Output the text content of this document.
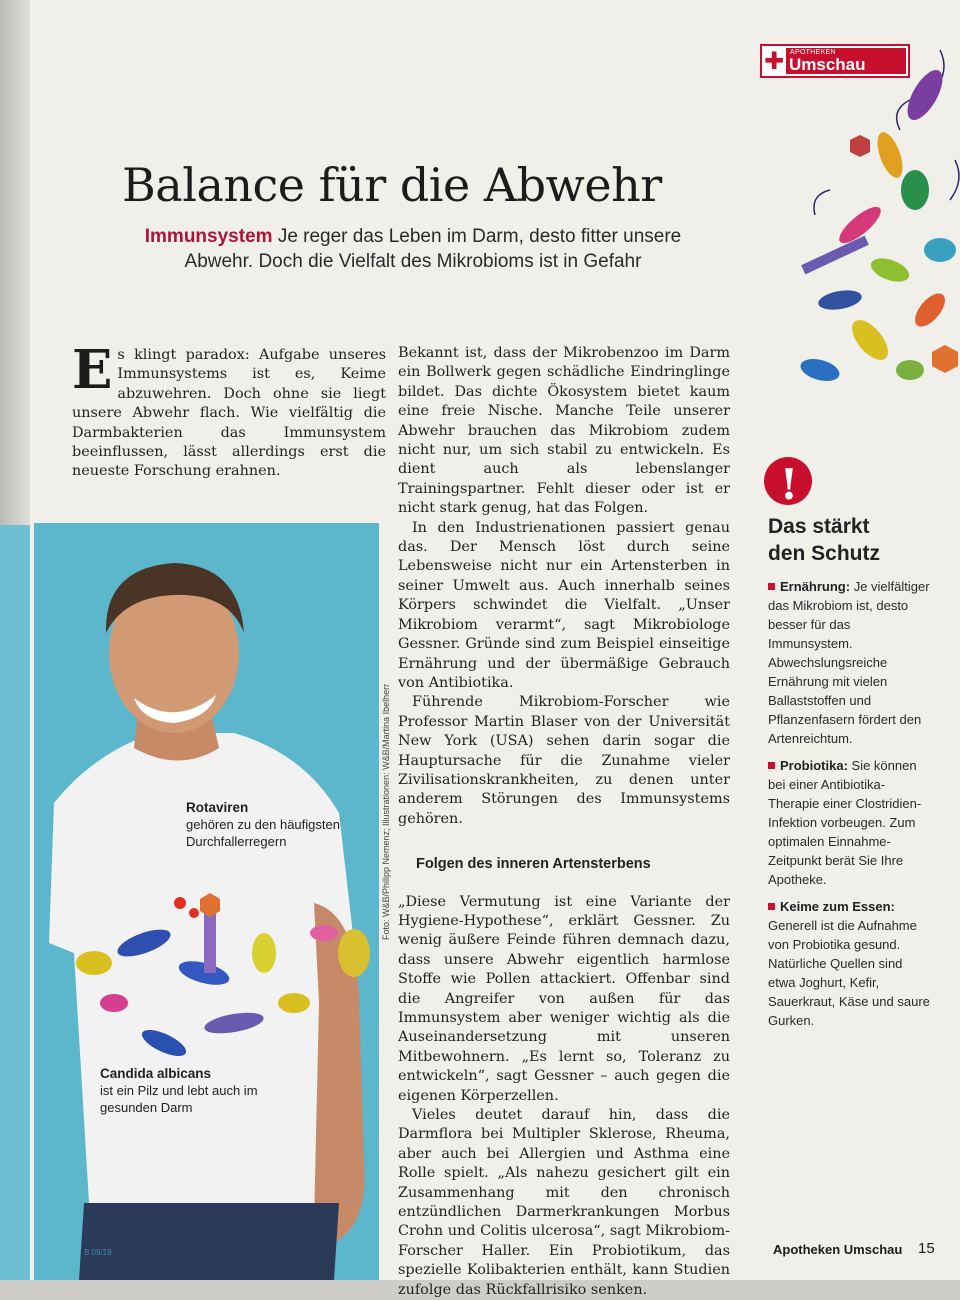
✚ APOTHEKEN
Umschau
Balance für die Abwehr

Immunsystem Je reger das Leben im Darm, desto fitter unsere Abwehr. Doch die Vielfalt des Mikrobioms ist in Gefahr

Es klingt paradox: Aufgabe unseres Immunsystems ist es, Keime abzuwehren. Doch ohne sie liegt unsere Abwehr flach. Wie vielfältig die Darmbakterien das Immunsystem beeinflussen, lässt allerdings erst die neueste Forschung erahnen.

Bekannt ist, dass der Mikrobenzoo im Darm ein Bollwerk gegen schädliche Eindringlinge bildet. Das dichte Ökosystem bietet kaum eine freie Nische. Manche Teile unserer Abwehr brauchen das Mikrobiom zudem nicht nur, um sich stabil zu entwickeln. Es dient auch als lebenslanger Trainingspartner. Fehlt dieser oder ist er nicht stark genug, hat das Folgen.

In den Industrienationen passiert genau das. Der Mensch löst durch seine Lebensweise nicht nur ein Artensterben in seiner Umwelt aus. Auch innerhalb seines Körpers schwindet die Vielfalt. „Unser Mikrobiom verarmt“, sagt Mikrobiologe Gessner. Gründe sind zum Beispiel einseitige Ernährung und der übermäßige Gebrauch von Antibiotika.

Führende Mikrobiom-Forscher wie Professor Martin Blaser von der Universität New York (USA) sehen darin sogar die Hauptursache für die Zunahme vieler Zivilisationskrankheiten, zu denen unter anderem Störungen des Immunsystems gehören.

Folgen des inneren Artensterbens

„Diese Vermutung ist eine Variante der Hygiene-Hypothese“, erklärt Gessner. Zu wenig äußere Feinde führen demnach dazu, dass unsere Abwehr eigentlich harmlose Stoffe wie Pollen attackiert. Offenbar sind die Angreifer von außen für das Immunsystem aber weniger wichtig als die Auseinandersetzung mit unseren Mitbewohnern. „Es lernt so, Toleranz zu entwickeln“, sagt Gessner – auch gegen die eigenen Körperzellen.

Vieles deutet darauf hin, dass die Darmflora bei Multipler Sklerose, Rheuma, aber auch bei Allergien und Asthma eine Rolle spielt. „Als nahezu gesichert gilt ein Zusammenhang mit den chronisch entzündlichen Darmerkrankungen Morbus Crohn und Colitis ulcerosa“, sagt Mikrobiom-Forscher Haller. Ein Probiotikum, das spezielle Kolibakterien enthält, kann Studien zufolge das Rückfallrisiko senken.

Rotaviren
gehören zu den häufigsten Durchfallerregern
Candida albicans
ist ein Pilz und lebt auch im gesunden Darm
Foto: W&B/Philipp Nemenz; Illustrationen: W&B/Martina Ibelherr
B 09/19
!
Das stärkt den Schutz
Ernährung: Je vielfältiger das Mikrobiom ist, desto besser für das Immunsystem. Abwechslungsreiche Ernährung mit vielen Ballaststoffen und Pflanzenfasern fördert den Artenreichtum.
Probiotika: Sie können bei einer Antibiotika-Therapie einer Clostridien-Infektion vorbeugen. Zum optimalen Einnahme-Zeitpunkt berät Sie Ihre Apotheke.
Keime zum Essen: Generell ist die Aufnahme von Probiotika gesund. Natürliche Quellen sind etwa Joghurt, Kefir, Sauerkraut, Käse und saure Gurken.
Apotheken Umschau 15
